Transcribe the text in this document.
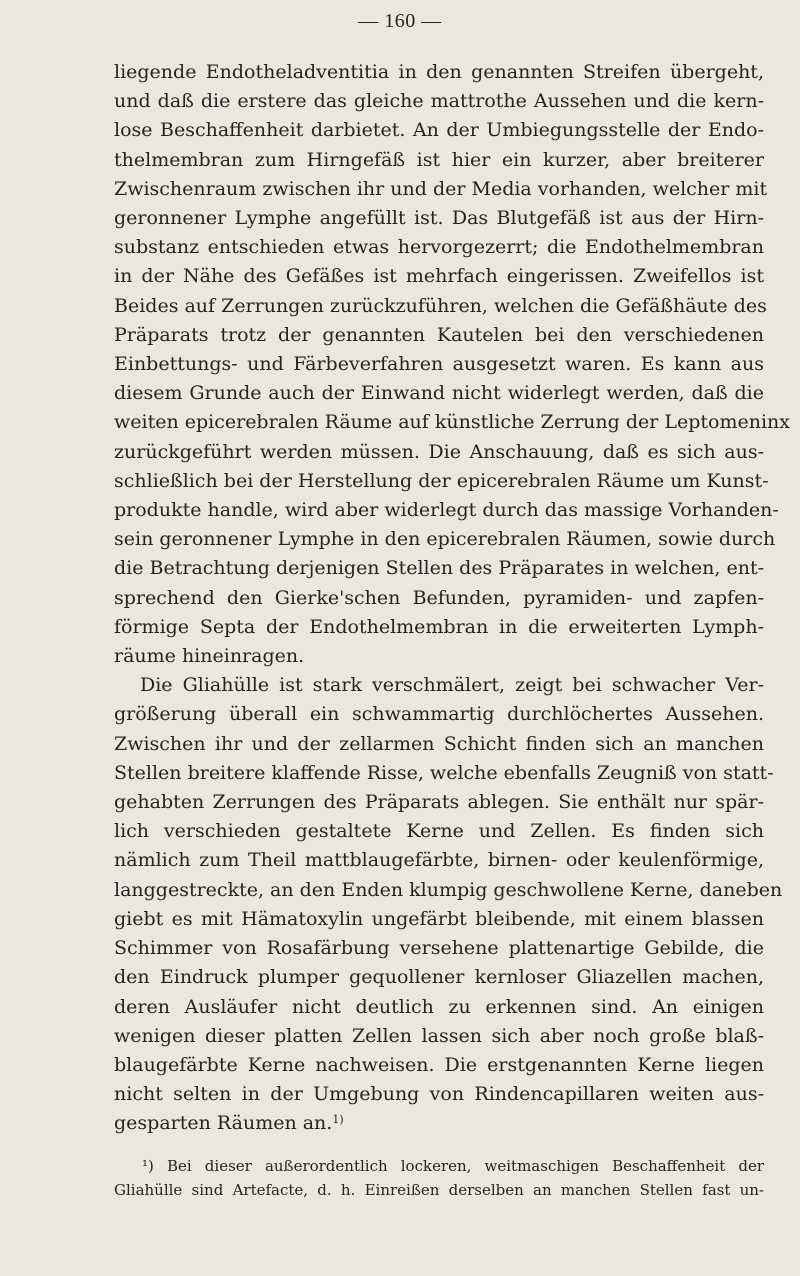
— 160 —
liegende Endotheladventitia in den genannten Streifen übergeht,
und daß die erstere das gleiche mattrothe Aussehen und die kern-
lose Beschaffenheit darbietet. An der Umbiegungsstelle der Endo-
thelmembran zum Hirngefäß ist hier ein kurzer, aber breiterer
Zwischenraum zwischen ihr und der Media vorhanden, welcher mit
geronnener Lymphe angefüllt ist. Das Blutgefäß ist aus der Hirn-
substanz entschieden etwas hervorgezerrt; die Endothelmembran
in der Nähe des Gefäßes ist mehrfach eingerissen. Zweifellos ist
Beides auf Zerrungen zurückzuführen, welchen die Gefäßhäute des
Präparats trotz der genannten Kautelen bei den verschiedenen
Einbettungs- und Färbeverfahren ausgesetzt waren. Es kann aus
diesem Grunde auch der Einwand nicht widerlegt werden, daß die
weiten epicerebralen Räume auf künstliche Zerrung der Leptomeninx
zurückgeführt werden müssen. Die Anschauung, daß es sich aus-
schließlich bei der Herstellung der epicerebralen Räume um Kunst-
produkte handle, wird aber widerlegt durch das massige Vorhanden-
sein geronnener Lymphe in den epicerebralen Räumen, sowie durch
die Betrachtung derjenigen Stellen des Präparates in welchen, ent-
sprechend den Gierke'schen Befunden, pyramiden- und zapfen-
förmige Septa der Endothelmembran in die erweiterten Lymph-
räume hineinragen.
Die Gliahülle ist stark verschmälert, zeigt bei schwacher Ver-
größerung überall ein schwammartig durchlöchertes Aussehen.
Zwischen ihr und der zellarmen Schicht finden sich an manchen
Stellen breitere klaffende Risse, welche ebenfalls Zeugniß von statt-
gehabten Zerrungen des Präparats ablegen. Sie enthält nur spär-
lich verschieden gestaltete Kerne und Zellen. Es finden sich
nämlich zum Theil mattblaugefärbte, birnen- oder keulenförmige,
langgestreckte, an den Enden klumpig geschwollene Kerne, daneben
giebt es mit Hämatoxylin ungefärbt bleibende, mit einem blassen
Schimmer von Rosafärbung versehene plattenartige Gebilde, die
den Eindruck plumper gequollener kernloser Gliazellen machen,
deren Ausläufer nicht deutlich zu erkennen sind. An einigen
wenigen dieser platten Zellen lassen sich aber noch große blaß-
blaugefärbte Kerne nachweisen. Die erstgenannten Kerne liegen
nicht selten in der Umgebung von Rindencapillaren weiten aus-
gesparten Räumen an.$^{1)}$
¹) Bei dieser außerordentlich lockeren, weitmaschigen Beschaffenheit der
Gliahülle sind Artefacte, d. h. Einreißen derselben an manchen Stellen fast un-
